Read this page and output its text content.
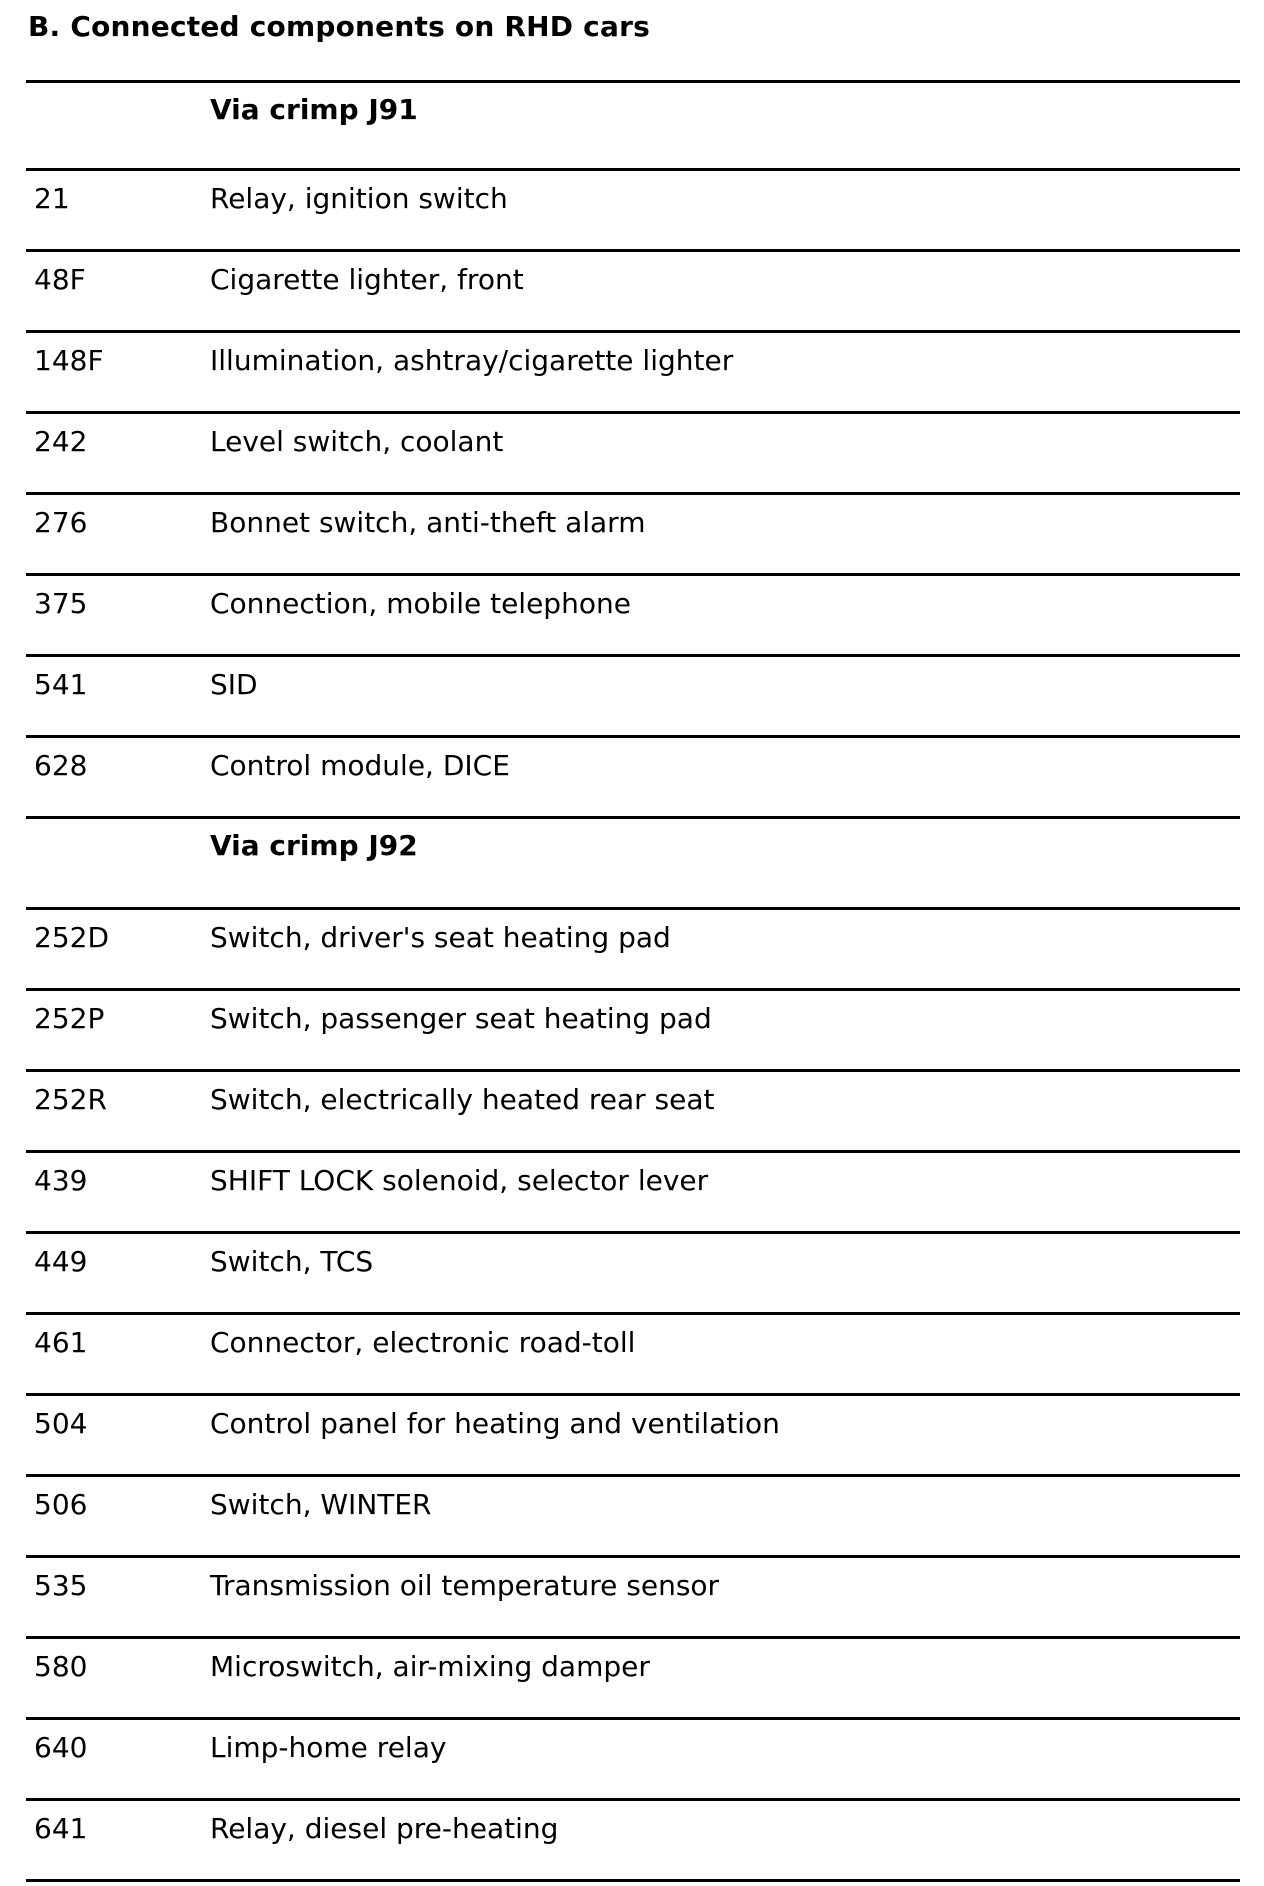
B. Connected components on RHD cars
Via crimp J91
21	Relay, ignition switch
48F	Cigarette lighter, front
148F	Illumination, ashtray/cigarette lighter
242	Level switch, coolant
276	Bonnet switch, anti-theft alarm
375	Connection, mobile telephone
541	SID
628	Control module, DICE
Via crimp J92
252D	Switch, driver's seat heating pad
252P	Switch, passenger seat heating pad
252R	Switch, electrically heated rear seat
439	SHIFT LOCK solenoid, selector lever
449	Switch, TCS
461	Connector, electronic road-toll
504	Control panel for heating and ventilation
506	Switch, WINTER
535	Transmission oil temperature sensor
580	Microswitch, air-mixing damper
640	Limp-home relay
641	Relay, diesel pre-heating
